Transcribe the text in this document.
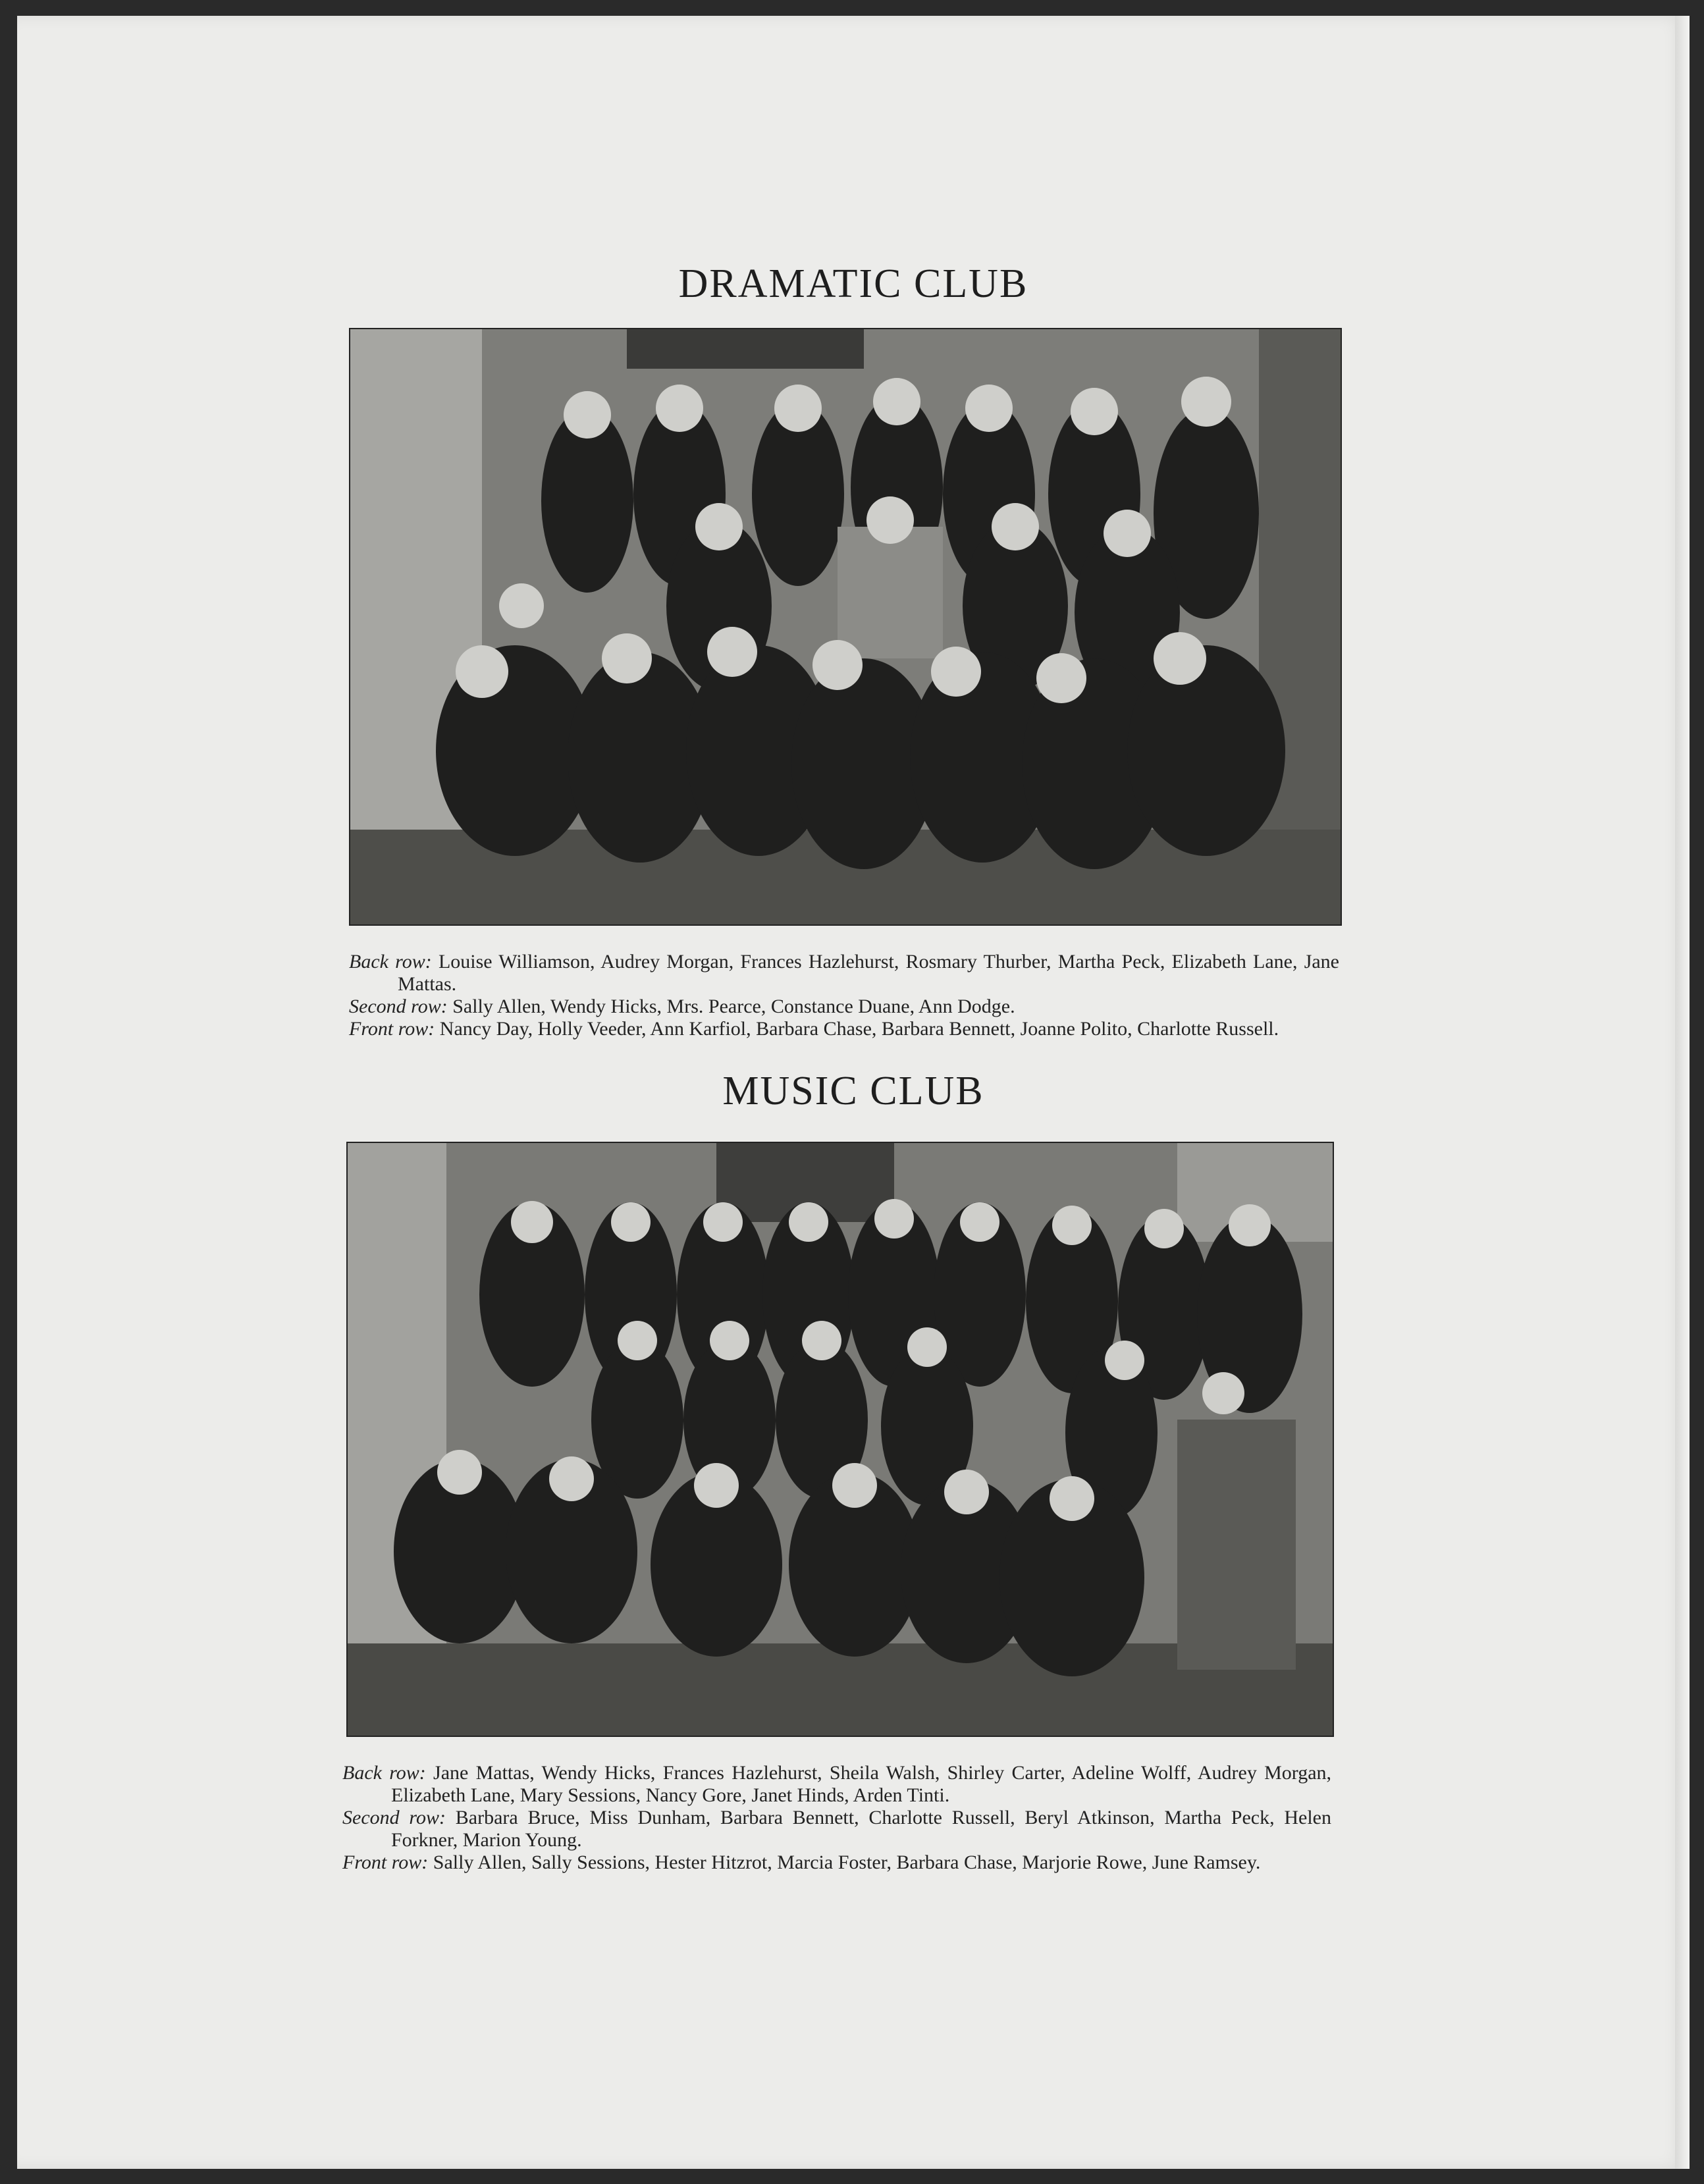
DRAMATIC CLUB

Back row: Louise Williamson, Audrey Morgan, Frances Hazlehurst, Rosmary Thurber, Martha Peck, Elizabeth Lane, Jane Mattas.

Second row: Sally Allen, Wendy Hicks, Mrs. Pearce, Constance Duane, Ann Dodge.

Front row: Nancy Day, Holly Veeder, Ann Karfiol, Barbara Chase, Barbara Bennett, Joanne Polito, Charlotte Russell.

MUSIC CLUB

Back row: Jane Mattas, Wendy Hicks, Frances Hazlehurst, Sheila Walsh, Shirley Carter, Adeline Wolff, Audrey Morgan, Elizabeth Lane, Mary Sessions, Nancy Gore, Janet Hinds, Arden Tinti.

Second row: Barbara Bruce, Miss Dunham, Barbara Bennett, Charlotte Russell, Beryl Atkinson, Martha Peck, Helen Forkner, Marion Young.

Front row: Sally Allen, Sally Sessions, Hester Hitzrot, Marcia Foster, Barbara Chase, Marjorie Rowe, June Ramsey.
